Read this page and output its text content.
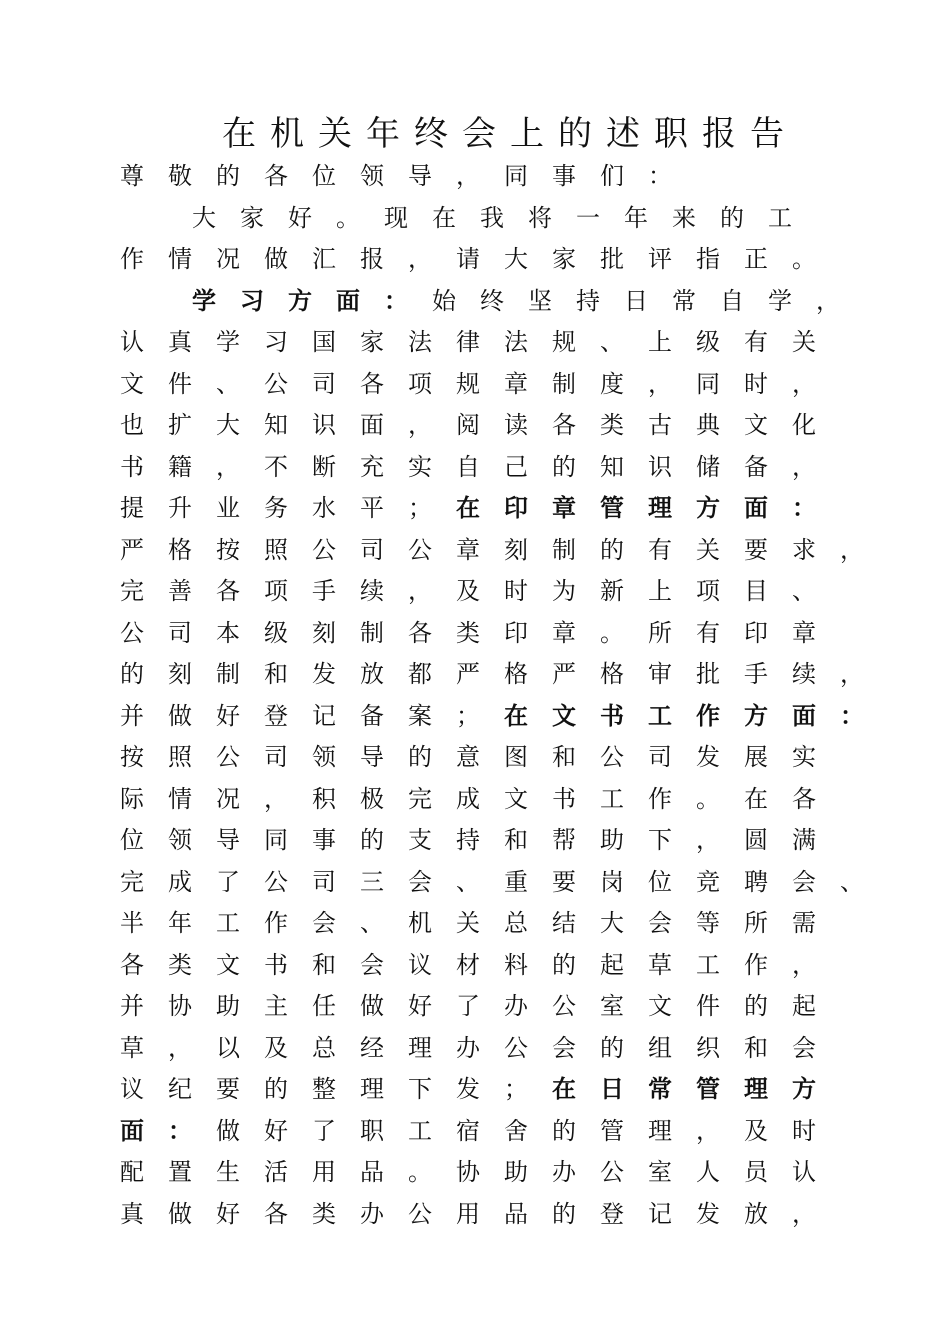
在机关年终会上的述职报告
尊	敬	的	各	位	领	导	，	同	事	们	：
大	家	好	。	现	在	我	将	一	年	来	的	工
作	情	况	做	汇	报	，	请	大	家	批	评	指	正	。
学	习	方	面	：	始	终	坚	持	日	常	自	学	，
认	真	学	习	国	家	法	律	法	规	、	上	级	有	关
文	件	、	公	司	各	项	规	章	制	度	，	同	时	，
也	扩	大	知	识	面	，	阅	读	各	类	古	典	文	化
书	籍	，	不	断	充	实	自	己	的	知	识	储	备	，
提	升	业	务	水	平	；	在	印	章	管	理	方	面	：
严	格	按	照	公	司	公	章	刻	制	的	有	关	要	求	，
完	善	各	项	手	续	，	及	时	为	新	上	项	目	、
公	司	本	级	刻	制	各	类	印	章	。	所	有	印	章
的	刻	制	和	发	放	都	严	格	严	格	审	批	手	续	，
并	做	好	登	记	备	案	；	在	文	书	工	作	方	面	：
按	照	公	司	领	导	的	意	图	和	公	司	发	展	实
际	情	况	，	积	极	完	成	文	书	工	作	。	在	各
位	领	导	同	事	的	支	持	和	帮	助	下	，	圆	满
完	成	了	公	司	三	会	、	重	要	岗	位	竞	聘	会	、
半	年	工	作	会	、	机	关	总	结	大	会	等	所	需
各	类	文	书	和	会	议	材	料	的	起	草	工	作	，
并	协	助	主	任	做	好	了	办	公	室	文	件	的	起
草	，	以	及	总	经	理	办	公	会	的	组	织	和	会
议	纪	要	的	整	理	下	发	；	在	日	常	管	理	方
面	：	做	好	了	职	工	宿	舍	的	管	理	，	及	时
配	置	生	活	用	品	。	协	助	办	公	室	人	员	认
真	做	好	各	类	办	公	用	品	的	登	记	发	放	，
